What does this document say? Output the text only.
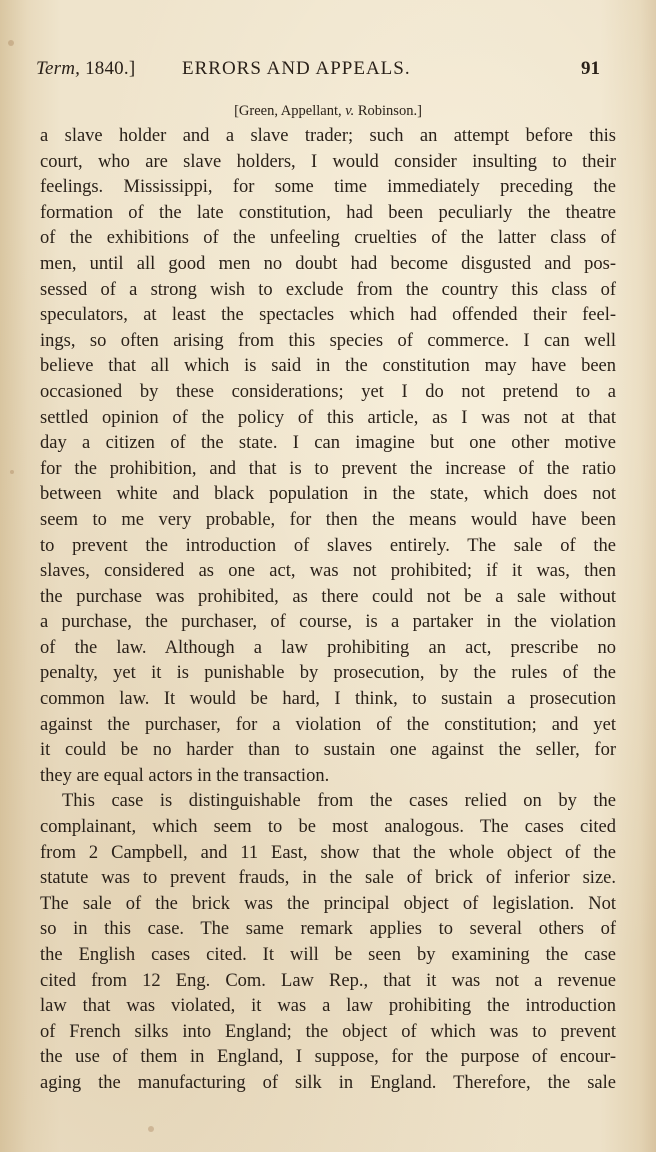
Term, 1840.] ERRORS AND APPEALS.	91
[Green, Appellant, v. Robinson.]
a slave holder and a slave trader; such an attempt before this
court, who are slave holders, I would consider insulting to their
feelings. Mississippi, for some time immediately preceding the
formation of the late constitution, had been peculiarly the theatre
of the exhibitions of the unfeeling cruelties of the latter class of
men, until all good men no doubt had become disgusted and pos-
sessed of a strong wish to exclude from the country this class of
speculators, at least the spectacles which had offended their feel-
ings, so often arising from this species of commerce. I can well
believe that all which is said in the constitution may have been
occasioned by these considerations; yet I do not pretend to a
settled opinion of the policy of this article, as I was not at that
day a citizen of the state. I can imagine but one other motive
for the prohibition, and that is to prevent the increase of the ratio
between white and black population in the state, which does not
seem to me very probable, for then the means would have been
to prevent the introduction of slaves entirely. The sale of the
slaves, considered as one act, was not prohibited; if it was, then
the purchase was prohibited, as there could not be a sale without
a purchase, the purchaser, of course, is a partaker in the violation
of the law. Although a law prohibiting an act, prescribe no
penalty, yet it is punishable by prosecution, by the rules of the
common law. It would be hard, I think, to sustain a prosecution
against the purchaser, for a violation of the constitution; and yet
it could be no harder than to sustain one against the seller, for
they are equal actors in the transaction.
This case is distinguishable from the cases relied on by the
complainant, which seem to be most analogous. The cases cited
from 2 Campbell, and 11 East, show that the whole object of the
statute was to prevent frauds, in the sale of brick of inferior size.
The sale of the brick was the principal object of legislation. Not
so in this case. The same remark applies to several others of
the English cases cited. It will be seen by examining the case
cited from 12 Eng. Com. Law Rep., that it was not a revenue
law that was violated, it was a law prohibiting the introduction
of French silks into England; the object of which was to prevent
the use of them in England, I suppose, for the purpose of encour-
aging the manufacturing of silk in England. Therefore, the sale
